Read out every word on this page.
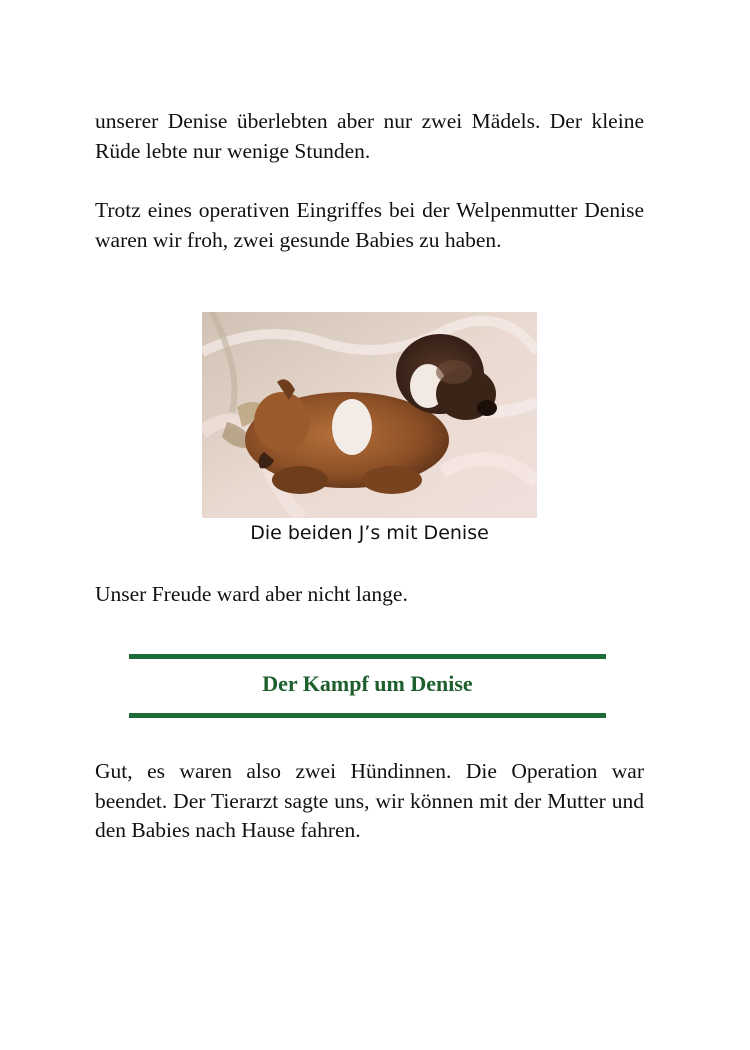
unserer Denise überlebten aber nur zwei Mädels. Der kleine Rüde lebte nur wenige Stunden.

Trotz eines operativen Eingriffes bei der Welpenmutter Denise waren wir froh, zwei gesunde Babies zu haben.

Die beiden J’s mit Denise

Unser Freude ward aber nicht lange.

Der Kampf um Denise

Gut, es waren also zwei Hündinnen. Die Operation war beendet. Der Tierarzt sagte uns, wir können mit der Mutter und den Babies nach Hause fahren.
